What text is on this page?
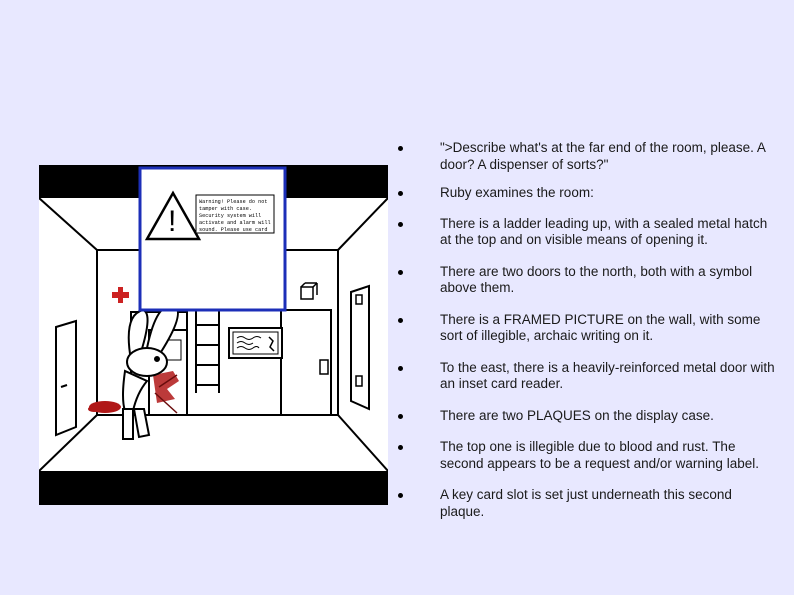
!
Warning! Please do not
tamper with case.
Security system will
activate and alarm will
sound. Please use card
">Describe what's at the far end of the room, please. A door? A dispenser of sorts?"
Ruby examines the room:
There is a ladder leading up, with a sealed metal hatch at the top and on visible means of opening it.
There are two doors to the north, both with a symbol above them.
There is a FRAMED PICTURE on the wall, with some sort of illegible, archaic writing on it.
To the east, there is a heavily-reinforced metal door with an inset card reader.
There are two PLAQUES on the display case.
The top one is illegible due to blood and rust. The second appears to be a request and/or warning label.
A key card slot is set just underneath this second plaque.
